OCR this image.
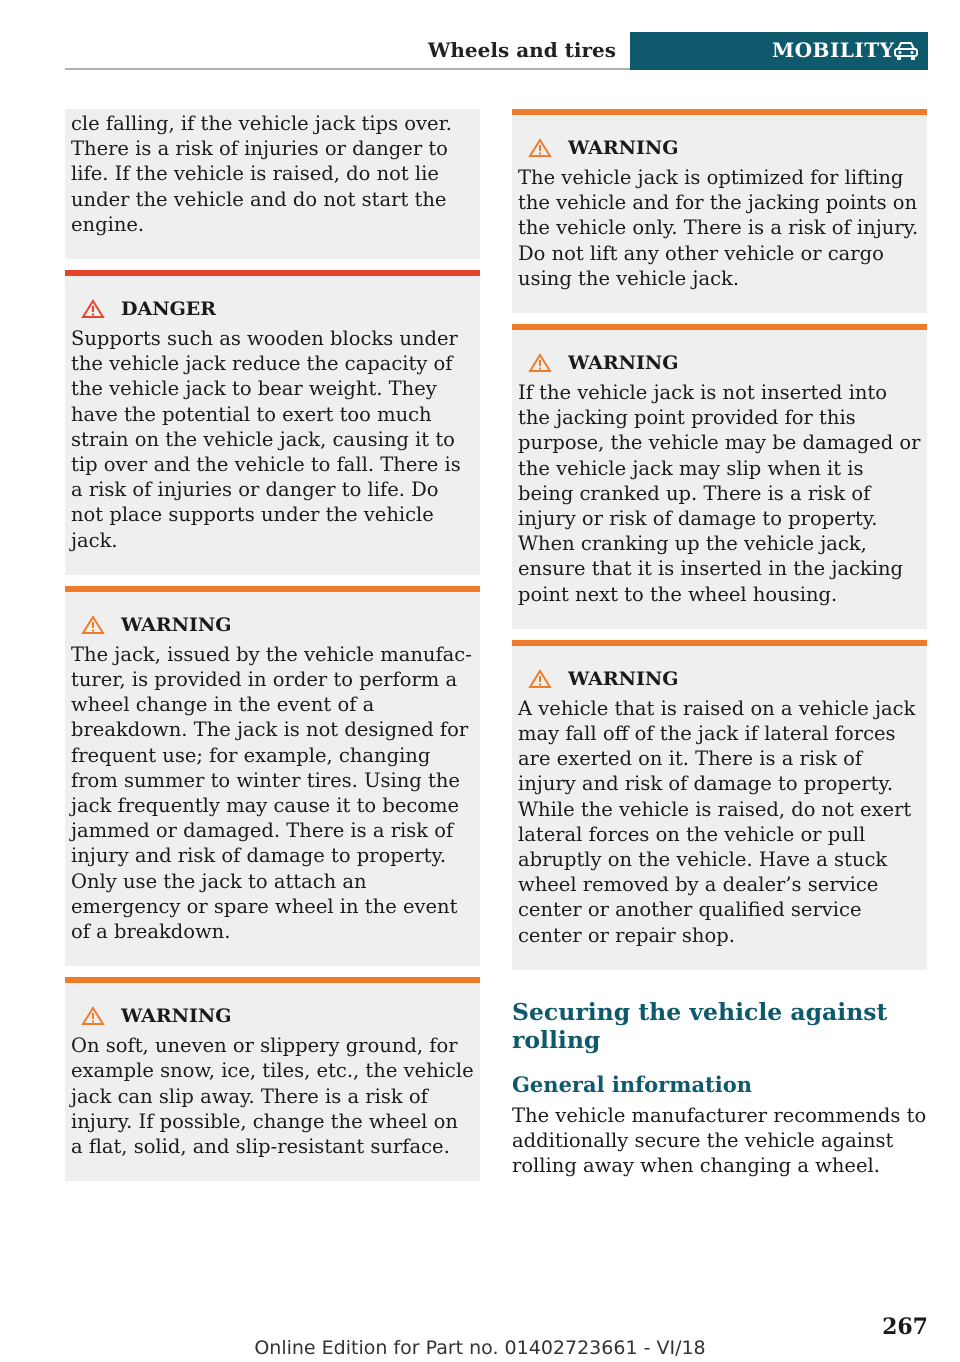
Wheels and tires	MOBILITY

cle falling, if the vehicle jack tips over. There is a risk of injuries or danger to life. If the vehicle is raised, do not lie under the vehicle and do not start the engine.

DANGER

Supports such as wooden blocks under the vehicle jack reduce the capacity of the vehicle jack to bear weight. They have the potential to exert too much strain on the vehicle jack, causing it to tip over and the vehicle to fall. There is a risk of injuries or danger to life. Do not place supports under the vehicle jack.

WARNING

The jack, issued by the vehicle manufacturer, is provided in order to perform a wheel change in the event of a breakdown. The jack is not designed for frequent use; for example, changing from summer to winter tires. Using the jack frequently may cause it to become jammed or damaged. There is a risk of injury and risk of damage to property. Only use the jack to attach an emergency or spare wheel in the event of a breakdown.

WARNING

On soft, uneven or slippery ground, for example snow, ice, tiles, etc., the vehicle jack can slip away. There is a risk of injury. If possible, change the wheel on a flat, solid, and slip-resistant surface.

WARNING

The vehicle jack is optimized for lifting the vehicle and for the jacking points on the vehicle only. There is a risk of injury. Do not lift any other vehicle or cargo using the vehicle jack.

WARNING

If the vehicle jack is not inserted into the jacking point provided for this purpose, the vehicle may be damaged or the vehicle jack may slip when it is being cranked up. There is a risk of injury or risk of damage to property. When cranking up the vehicle jack, ensure that it is inserted in the jacking point next to the wheel housing.

WARNING

A vehicle that is raised on a vehicle jack may fall off of the jack if lateral forces are exerted on it. There is a risk of injury and risk of damage to property. While the vehicle is raised, do not exert lateral forces on the vehicle or pull abruptly on the vehicle. Have a stuck wheel removed by a dealer’s service center or another qualified service center or repair shop.

Securing the vehicle against rolling
General information

The vehicle manufacturer recommends to additionally secure the vehicle against rolling away when changing a wheel.

267
Online Edition for Part no. 01402723661 - VI/18
